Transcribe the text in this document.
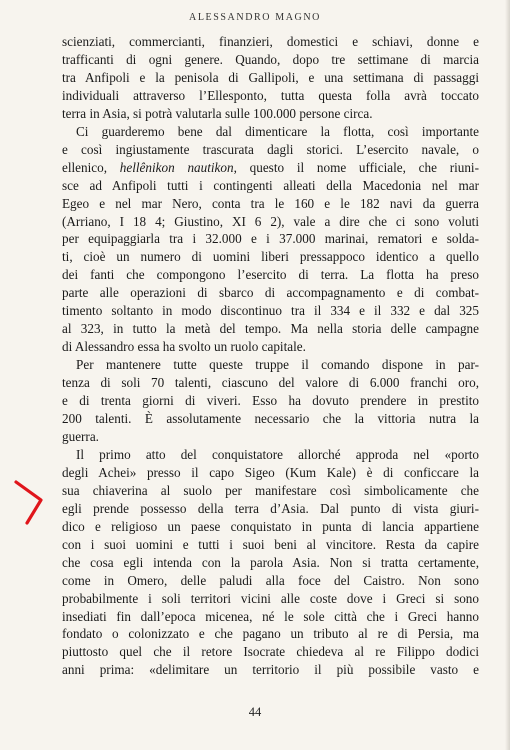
ALESSANDRO MAGNO
scienziati, commercianti, finanzieri, domestici e schiavi, donne e
trafficanti di ogni genere. Quando, dopo tre settimane di marcia
tra Anfipoli e la penisola di Gallipoli, e una settimana di passaggi
individuali attraverso l’Ellesponto, tutta questa folla avrà toccato
terra in Asia, si potrà valutarla sulle 100.000 persone circa.
Ci guarderemo bene dal dimenticare la flotta, così importante
e così ingiustamente trascurata dagli storici. L’esercito navale, o
ellenico, hellênikon nautikon, questo il nome ufficiale, che riuni-
sce ad Anfipoli tutti i contingenti alleati della Macedonia nel mar
Egeo e nel mar Nero, conta tra le 160 e le 182 navi da guerra
(Arriano, I 18 4; Giustino, XI 6 2), vale a dire che ci sono voluti
per equipaggiarla tra i 32.000 e i 37.000 marinai, rematori e solda-
ti, cioè un numero di uomini liberi pressappoco identico a quello
dei fanti che compongono l’esercito di terra. La flotta ha preso
parte alle operazioni di sbarco di accompagnamento e di combat-
timento soltanto in modo discontinuo tra il 334 e il 332 e dal 325
al 323, in tutto la metà del tempo. Ma nella storia delle campagne
di Alessandro essa ha svolto un ruolo capitale.
Per mantenere tutte queste truppe il comando dispone in par-
tenza di soli 70 talenti, ciascuno del valore di 6.000 franchi oro,
e di trenta giorni di viveri. Esso ha dovuto prendere in prestito
200 talenti. È assolutamente necessario che la vittoria nutra la
guerra.
Il primo atto del conquistatore allorché approda nel «porto
degli Achei» presso il capo Sigeo (Kum Kale) è di conficcare la
sua chiaverina al suolo per manifestare così simbolicamente che
egli prende possesso della terra d’Asia. Dal punto di vista giuri-
dico e religioso un paese conquistato in punta di lancia appartiene
con i suoi uomini e tutti i suoi beni al vincitore. Resta da capire
che cosa egli intenda con la parola Asia. Non si tratta certamente,
come in Omero, delle paludi alla foce del Caistro. Non sono
probabilmente i soli territori vicini alle coste dove i Greci si sono
insediati fin dall’epoca micenea, né le sole città che i Greci hanno
fondato o colonizzato e che pagano un tributo al re di Persia, ma
piuttosto quel che il retore Isocrate chiedeva al re Filippo dodici
anni prima: «delimitare un territorio il più possibile vasto e
44
